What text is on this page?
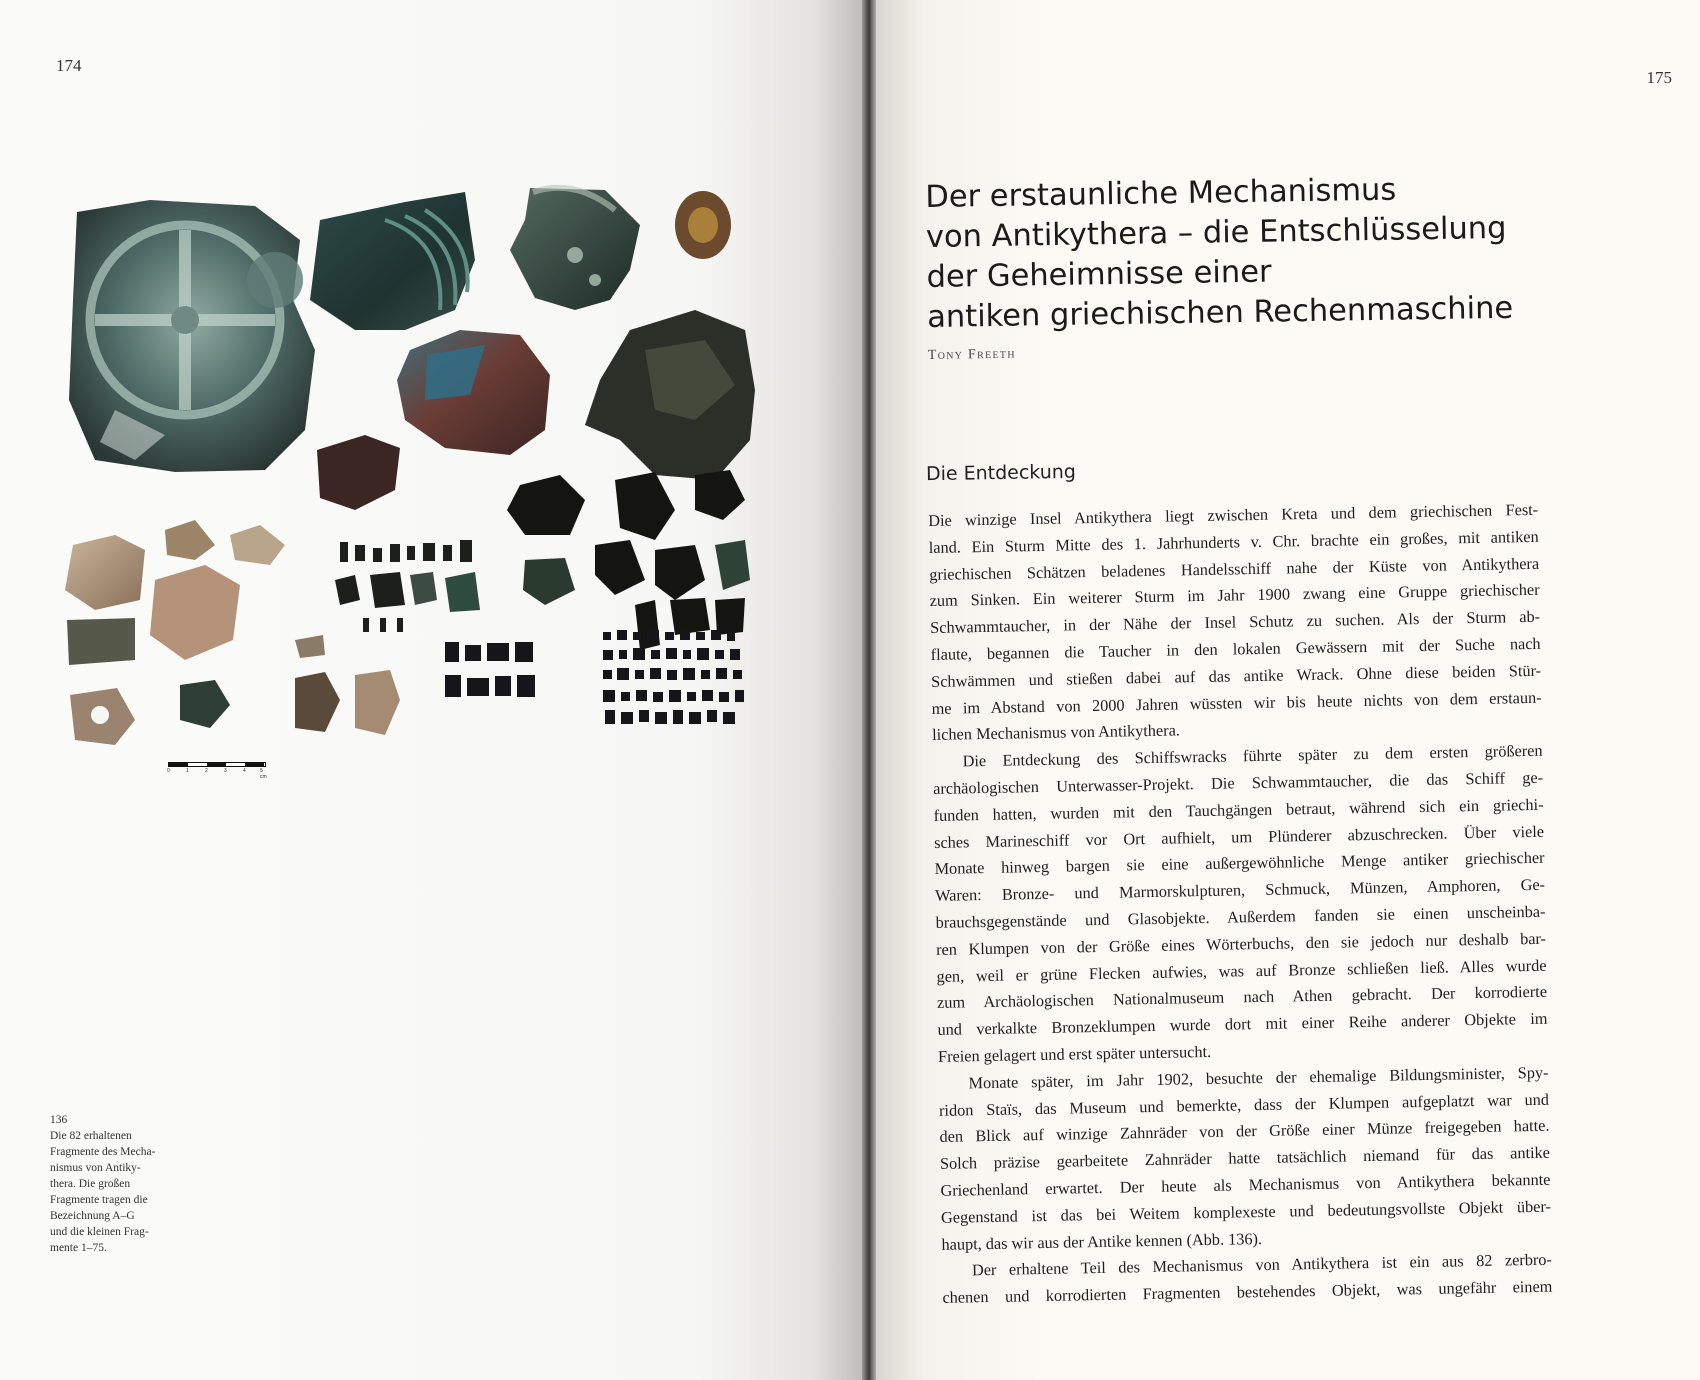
174
0	1	2	3	4	5 cm
136
Die 82 erhaltenen
Fragmente des Mecha-
nismus von Antiky-
thera. Die großen
Fragmente tragen die
Bezeichnung A–G
und die kleinen Frag-
mente 1–75.
175
Der erstaunliche Mechanismus
von Antikythera – die Entschlüsselung
der Geheimnisse einer
antiken griechischen Rechenmaschine
Tony Freeth
Die Entdeckung
Die winzige Insel Antikythera liegt zwischen Kreta und dem griechischen Fest-
land. Ein Sturm Mitte des 1. Jahrhunderts v. Chr. brachte ein großes, mit antiken
griechischen Schätzen beladenes Handelsschiff nahe der Küste von Antikythera
zum Sinken. Ein weiterer Sturm im Jahr 1900 zwang eine Gruppe griechischer
Schwammtaucher, in der Nähe der Insel Schutz zu suchen. Als der Sturm ab-
flaute, begannen die Taucher in den lokalen Gewässern mit der Suche nach
Schwämmen und stießen dabei auf das antike Wrack. Ohne diese beiden Stür-
me im Abstand von 2000 Jahren wüssten wir bis heute nichts von dem erstaun-
lichen Mechanismus von Antikythera.
Die Entdeckung des Schiffswracks führte später zu dem ersten größeren
archäologischen Unterwasser-Projekt. Die Schwammtaucher, die das Schiff ge-
funden hatten, wurden mit den Tauchgängen betraut, während sich ein griechi-
sches Marineschiff vor Ort aufhielt, um Plünderer abzuschrecken. Über viele
Monate hinweg bargen sie eine außergewöhnliche Menge antiker griechischer
Waren: Bronze- und Marmorskulpturen, Schmuck, Münzen, Amphoren, Ge-
brauchsgegenstände und Glasobjekte. Außerdem fanden sie einen unscheinba-
ren Klumpen von der Größe eines Wörterbuchs, den sie jedoch nur deshalb bar-
gen, weil er grüne Flecken aufwies, was auf Bronze schließen ließ. Alles wurde
zum Archäologischen Nationalmuseum nach Athen gebracht. Der korrodierte
und verkalkte Bronzeklumpen wurde dort mit einer Reihe anderer Objekte im
Freien gelagert und erst später untersucht.
Monate später, im Jahr 1902, besuchte der ehemalige Bildungsminister, Spy-
ridon Staïs, das Museum und bemerkte, dass der Klumpen aufgeplatzt war und
den Blick auf winzige Zahnräder von der Größe einer Münze freigegeben hatte.
Solch präzise gearbeitete Zahnräder hatte tatsächlich niemand für das antike
Griechenland erwartet. Der heute als Mechanismus von Antikythera bekannte
Gegenstand ist das bei Weitem komplexeste und bedeutungsvollste Objekt über-
haupt, das wir aus der Antike kennen (Abb. 136).
Der erhaltene Teil des Mechanismus von Antikythera ist ein aus 82 zerbro-
chenen und korrodierten Fragmenten bestehendes Objekt, was ungefähr einem
